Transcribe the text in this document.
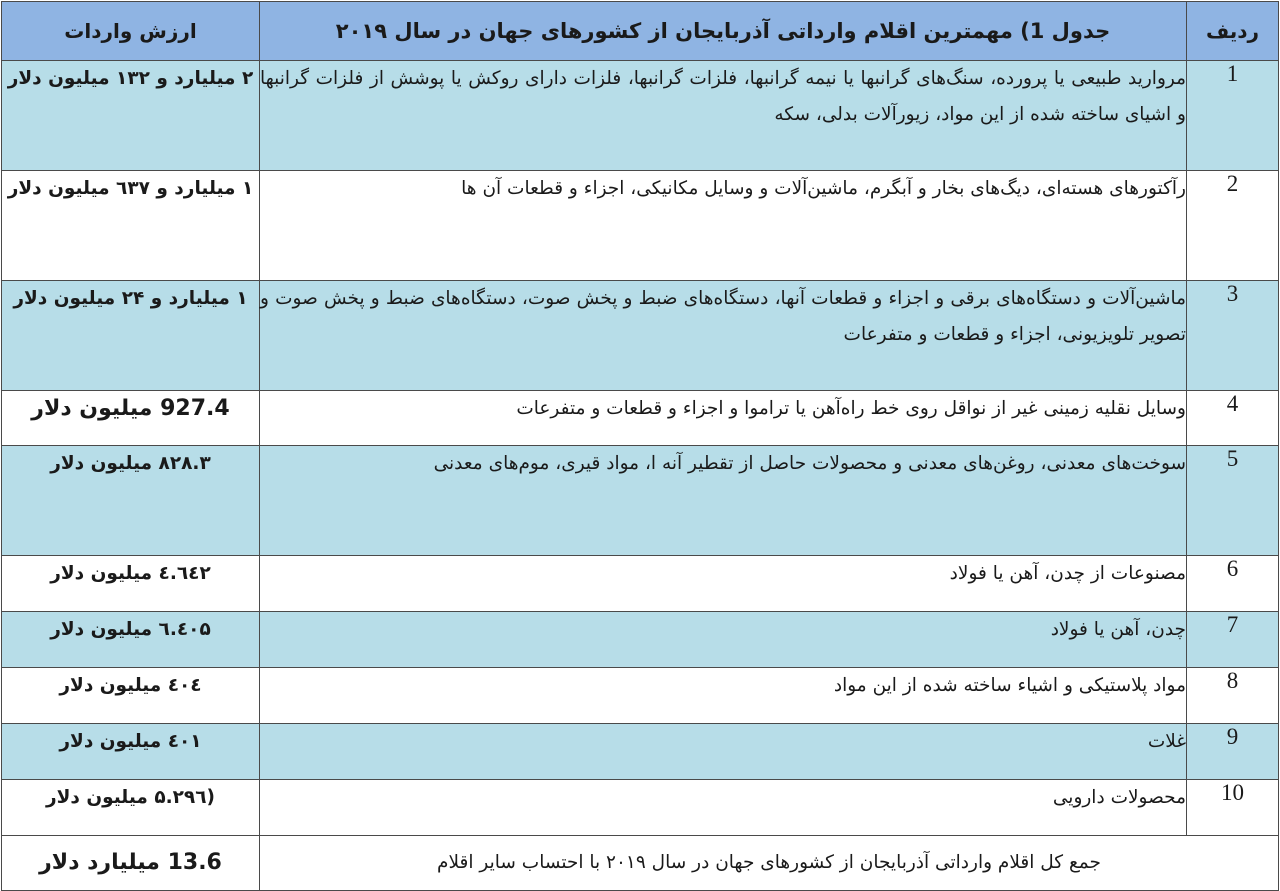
ردیف	جدول 1) مهمترین اقلام وارداتی آذربایجان از کشورهای جهان در سال ۲۰۱۹	ارزش واردات
1	مروارید طبیعی یا پرورده، سنگ‌های گرانبها یا نیمه گرانبها، فلزات گرانبها، فلزات دارای روکش یا پوشش از فلزات گرانبها و اشیای ساخته شده از این مواد، زیورآلات بدلی، سکه	۲ میلیارد و ۱۳۲ میلیون دلار
2	رآکتورهای هسته‌ای، دیگ‌های بخار و آبگرم، ماشین‌آلات و وسایل مکانیکی، اجزاء و قطعات آن ها	۱ میلیارد و ٦۳۷ میلیون دلار
3	ماشین‌آلات و دستگاه‌های برقی و اجزاء و قطعات آنها، دستگاه‌های ضبط و پخش صوت، دستگاه‌های ضبط و پخش صوت و تصویر تلویزیونی، اجزاء و قطعات و متفرعات	۱ میلیارد و ۲۴ میلیون دلار
4	وسایل نقلیه زمینی غیر از نواقل روی خط راه‌آهن یا تراموا و اجزاء و قطعات و متفرعات	927.4 میلیون دلار
5	سوخت‌های معدنی، روغن‌های معدنی و محصولات حاصل از تقطیر آنه ا، مواد قیری، موم‌های معدنی	۸۲۸.۳ میلیون دلار
6	مصنوعات از چدن، آهن یا فولاد	٦٤۲.٤ میلیون دلار
7	چدن، آهن یا فولاد	٤۰۵.٦ میلیون دلار
8	مواد پلاستیکی و اشیاء ساخته شده از این مواد	٤۰٤ میلیون دلار
9	غلات	٤۰۱ میلیون دلار
10	محصولات دارویی	(۲۹٦.۵ میلیون دلار
جمع کل اقلام وارداتی آذربایجان از کشورهای جهان در سال ۲۰۱۹ با احتساب سایر اقلام		13.6 میلیارد دلار
